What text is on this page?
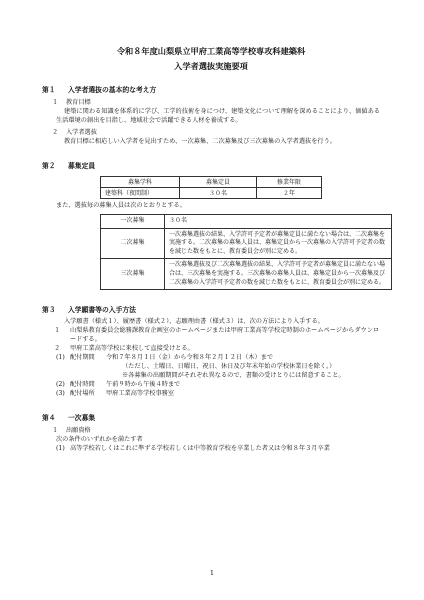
令和８年度山梨県立甲府工業高等学校専攻科建築科
入学者選抜実施要項
第１	入学者選抜の基本的な考え方
１	教育目標
建築に関わる知識を体系的に学び、工学的技術を身につけ、建築文化について理解を深めることにより、価値ある生活環境の創出を目指し、地域社会で活躍できる人材を養成する。
２	入学者選抜
教育目標に相応しい入学者を見出すため、一次募集、二次募集及び三次募集の入学者選抜を行う。
第２	募集定員
募集学科	募集定員	修業年限
建築科（夜間制）	３０名	２年
また、選抜毎の募集人員は次のとおりとする。
一次募集	３０名
二次募集	一次募集選抜の結果、入学許可予定者が募集定員に満たない場合は、二次募集を実施する。二次募集の募集人員は、募集定員から一次募集の入学許可予定者の数を減じた数をもとに、教育委員会が別に定める。
三次募集	一次募集選抜及び二次募集選抜の結果、入学許可予定者が募集定員に満たない場合は、三次募集を実施する。三次募集の募集人員は、募集定員から一次募集及び二次募集の入学許可予定者の数を減じた数をもとに、教育委員会が別に定める。
第３	入学願書等の入手方法
入学願書（様式１）、履歴書（様式２）、志願理由書（様式３）は、次の方法により入手する。
１	山梨県教育委員会総務課教育企画室のホームページまたは甲府工業高等学校定時制のホームページからダウンロードする。
２	甲府工業高等学校に来校して直接受けとる。
(1) 配付期間	令和７年８月１日（金）から令和８年２月１２日（木）まで
（ただし、土曜日、日曜日、祝日、休日及び年末年始の学校休業日を除く。）
※各募集の出願期間がそれぞれ異なるので、書類の受けとりには留意すること。
(2) 配付時間	午前９時から午後４時まで
(3) 配付場所	甲府工業高等学校事務室
第４	一次募集
１	出願資格
次の条件のいずれかを満たす者
(1) 高等学校若しくはこれに準ずる学校若しくは中等教育学校を卒業した者又は令和８年３月卒業
1
